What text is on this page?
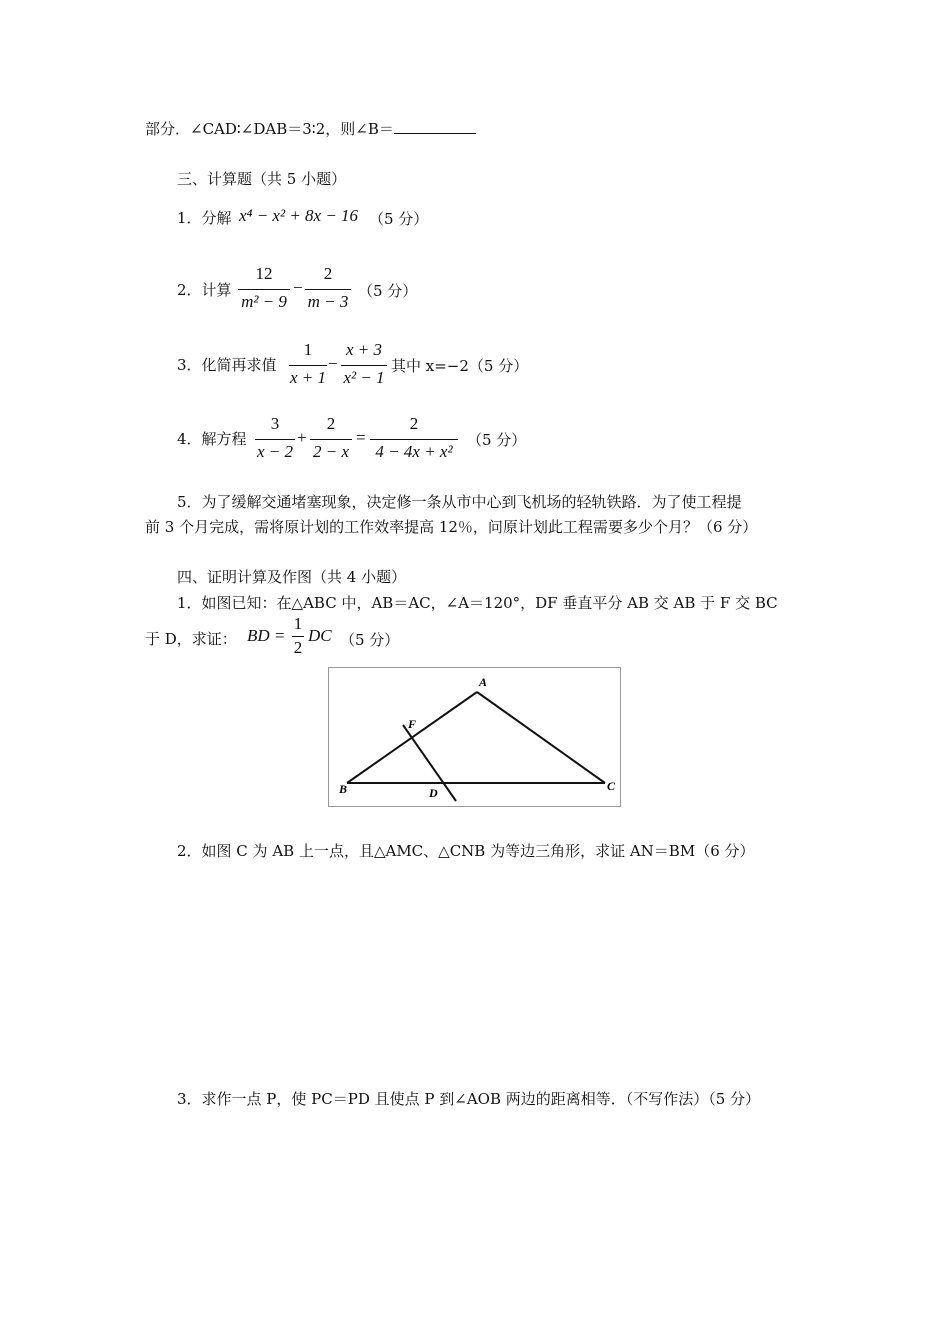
部分．∠CAD∶∠DAB＝3∶2，则∠B＝
三、计算题（共 5 小题）
1．分解 x⁴ − x² + 8x − 16 （5 分）
2．计算
12
m² − 9
−
2
m − 3
（5 分）
3．化简再求值
1
x + 1
−
x + 3
x² − 1
其中 x=−2（5 分）
4．解方程
3
x − 2
+
2
2 − x
=
2
4 − 4x + x²
（5 分）
5．为了缓解交通堵塞现象，决定修一条从市中心到飞机场的轻轨铁路．为了使工程提
前 3 个月完成，需将原计划的工作效率提高 12％，问原计划此工程需要多少个月？（6 分）
四、证明计算及作图（共 4 小题）
1．如图已知：在△ABC 中，AB＝AC，∠A＝120°，DF 垂直平分 AB 交 AB 于 F 交 BC
于 D，求证： BD =
1
2
DC （5 分）
A
B	C
D
F
2．如图 C 为 AB 上一点，且△AMC、△CNB 为等边三角形，求证 AN＝BM（6 分）
3．求作一点 P，使 PC＝PD 且使点 P 到∠AOB 两边的距离相等．（不写作法）（5 分）
